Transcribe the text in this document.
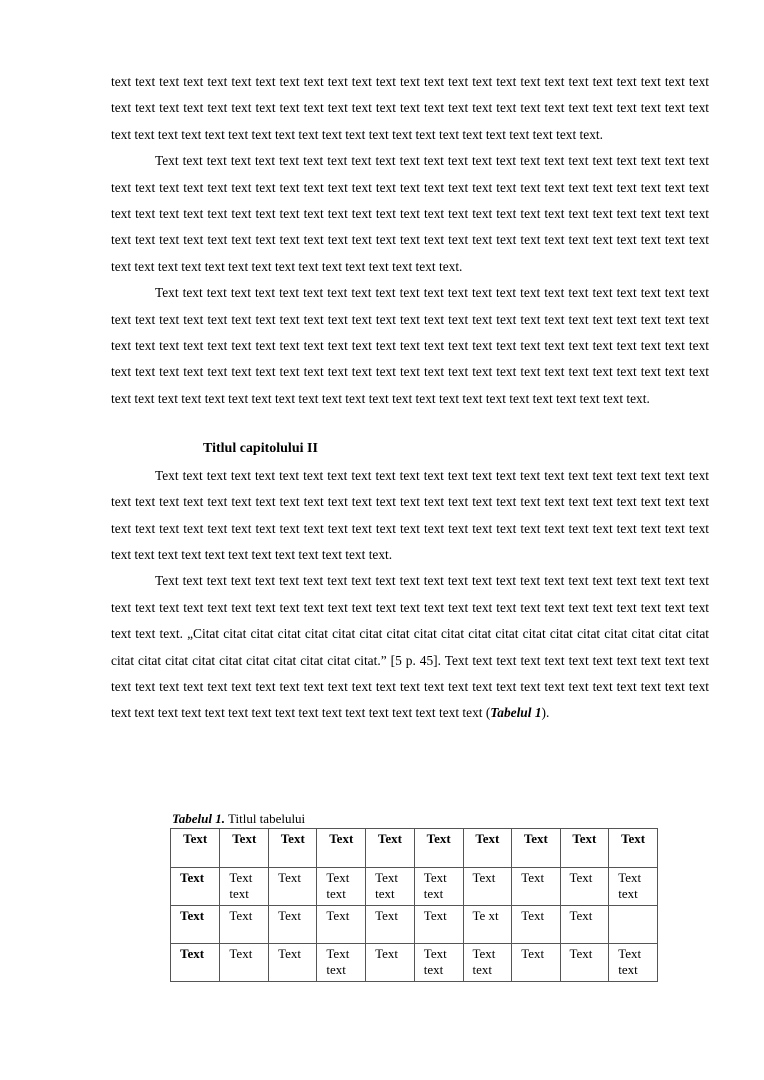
text text text text text text text text text text text text text text text text text text text text text text text text text text text text text text text text text text text text text text text text text text text text text text text text text text text text text text text text text text text text text text text text text text text text text text text.

Text text text text text text text text text text text text text text text text text text text text text text text text text text text text text text text text text text text text text text text text text text text text text text text text text text text text text text text text text text text text text text text text text text text text text text text text text text text text text text text text text text text text text text text text text text text text text text text text text text text text text text text text text text text text text text text text text.

Text text text text text text text text text text text text text text text text text text text text text text text text text text text text text text text text text text text text text text text text text text text text text text text text text text text text text text text text text text text text text text text text text text text text text text text text text text text text text text text text text text text text text text text text text text text text text text text text text text text text text text text text text text text text text text text text text text text text text text text text text.

Titlul capitolului II

Text text text text text text text text text text text text text text text text text text text text text text text text text text text text text text text text text text text text text text text text text text text text text text text text text text text text text text text text text text text text text text text text text text text text text text text text text text text text text text text text text text text text text.

Text text text text text text text text text text text text text text text text text text text text text text text text text text text text text text text text text text text text text text text text text text text text text text text text text text text. „Citat citat citat citat citat citat citat citat citat citat citat citat citat citat citat citat citat citat citat citat citat citat citat citat citat citat citat citat citat.” [5 p. 45]. Text text text text text text text text text text text text text text text text text text text text text text text text text text text text text text text text text text text text text text text text text text text text text text text text text text text text (Tabelul 1).

Tabelul 1. Titlul tabelului
Text	Text	Text	Text	Text	Text	Text	Text	Text	Text
Text	Text text	Text	Text text	Text text	Text text	Text	Text	Text	Text text
Text	Text	Text	Text	Text	Text	Te xt	Text	Text	
Text	Text	Text	Text text	Text	Text text	Text text	Text	Text	Text text
